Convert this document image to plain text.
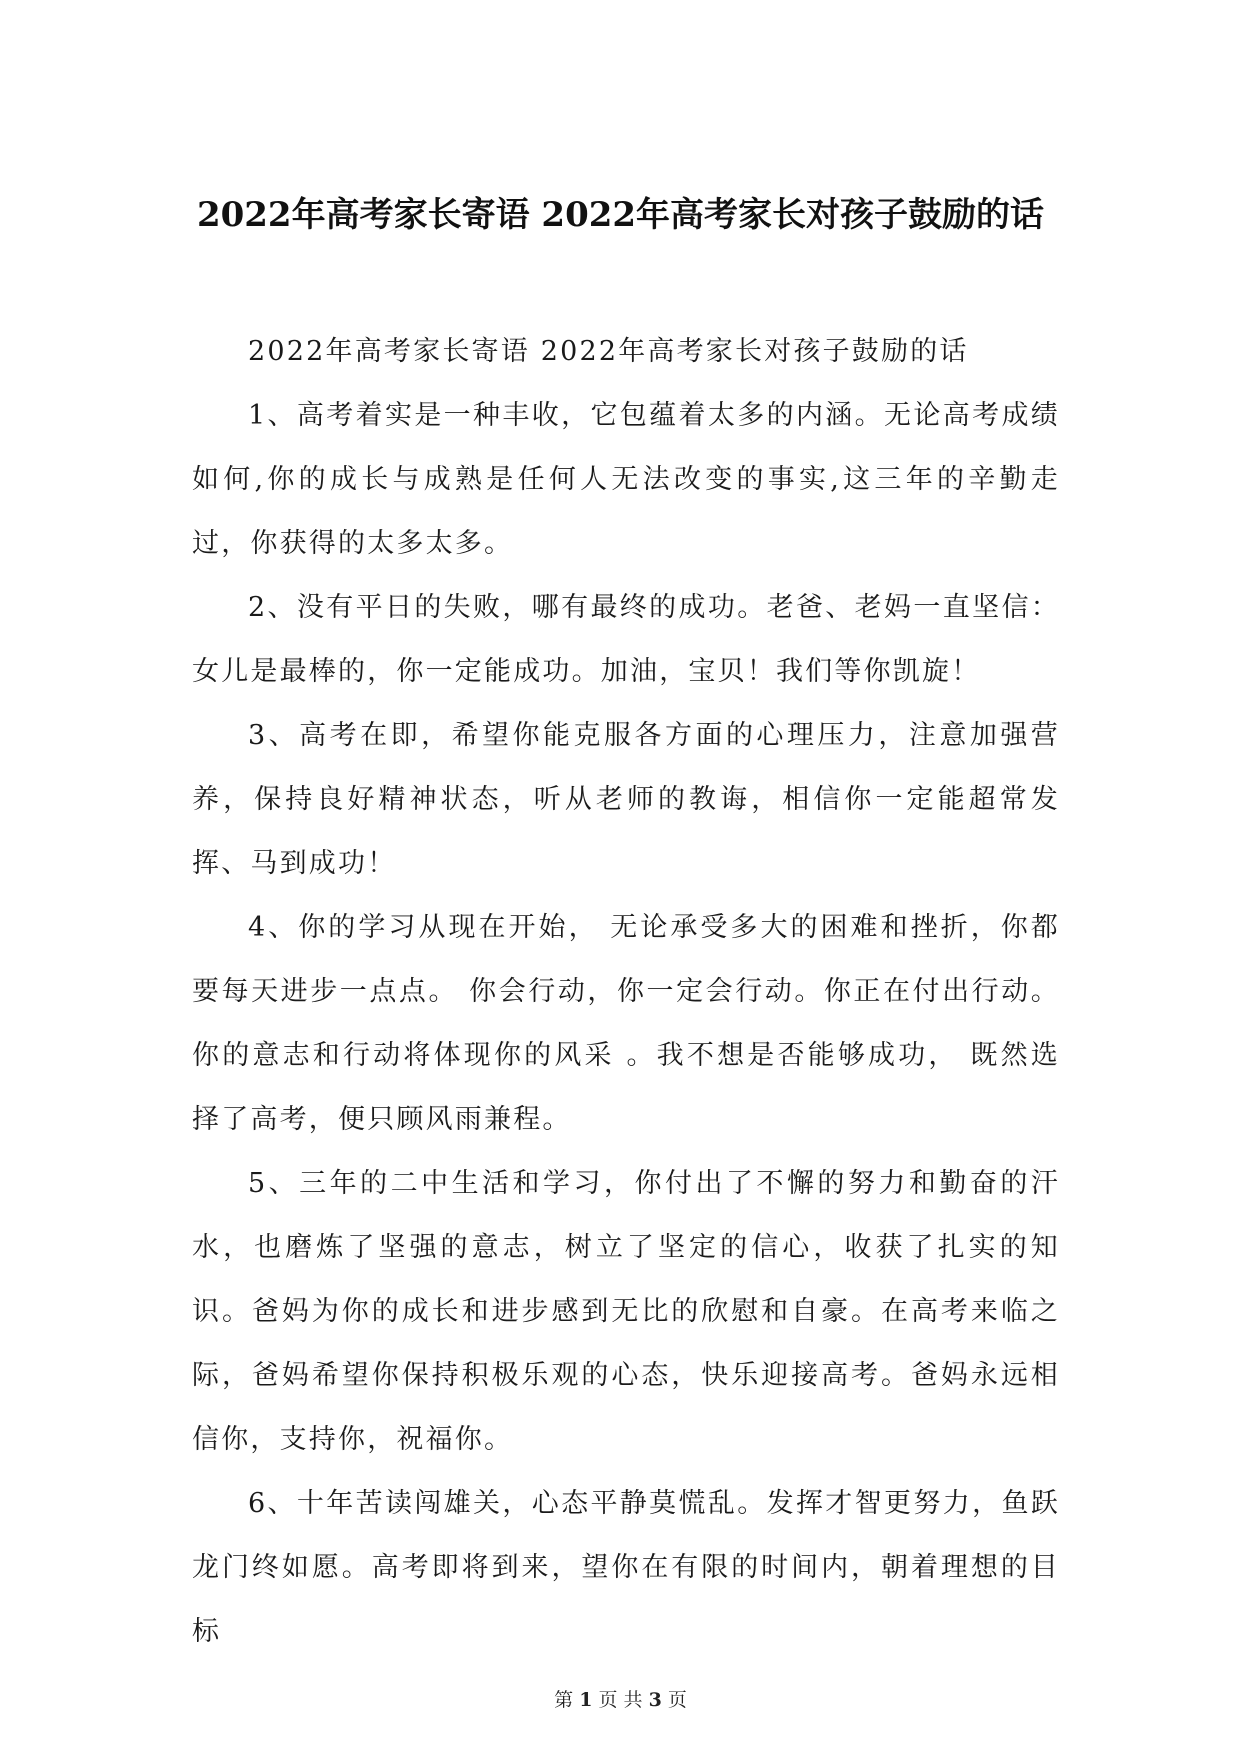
2022年高考家长寄语 2022年高考家长对孩子鼓励的话

2022年高考家长寄语 2022年高考家长对孩子鼓励的话

1、高考着实是一种丰收，它包蕴着太多的内涵。无论高考成绩如何,你的成长与成熟是任何人无法改变的事实,这三年的辛勤走过，你获得的太多太多。

2、没有平日的失败，哪有最终的成功。老爸、老妈一直坚信：女儿是最棒的，你一定能成功。加油，宝贝！我们等你凯旋！

3、高考在即，希望你能克服各方面的心理压力，注意加强营养，保持良好精神状态，听从老师的教诲，相信你一定能超常发挥、马到成功！

4、你的学习从现在开始， 无论承受多大的困难和挫折，你都要每天进步一点点。 你会行动，你一定会行动。你正在付出行动。你的意志和行动将体现你的风采 。我不想是否能够成功， 既然选择了高考，便只顾风雨兼程。

5、三年的二中生活和学习，你付出了不懈的努力和勤奋的汗水，也磨炼了坚强的意志，树立了坚定的信心，收获了扎实的知识。爸妈为你的成长和进步感到无比的欣慰和自豪。在高考来临之际，爸妈希望你保持积极乐观的心态，快乐迎接高考。爸妈永远相信你，支持你，祝福你。

6、十年苦读闯雄关，心态平静莫慌乱。发挥才智更努力，鱼跃龙门终如愿。高考即将到来，望你在有限的时间内，朝着理想的目标

第 1 页 共 3 页
